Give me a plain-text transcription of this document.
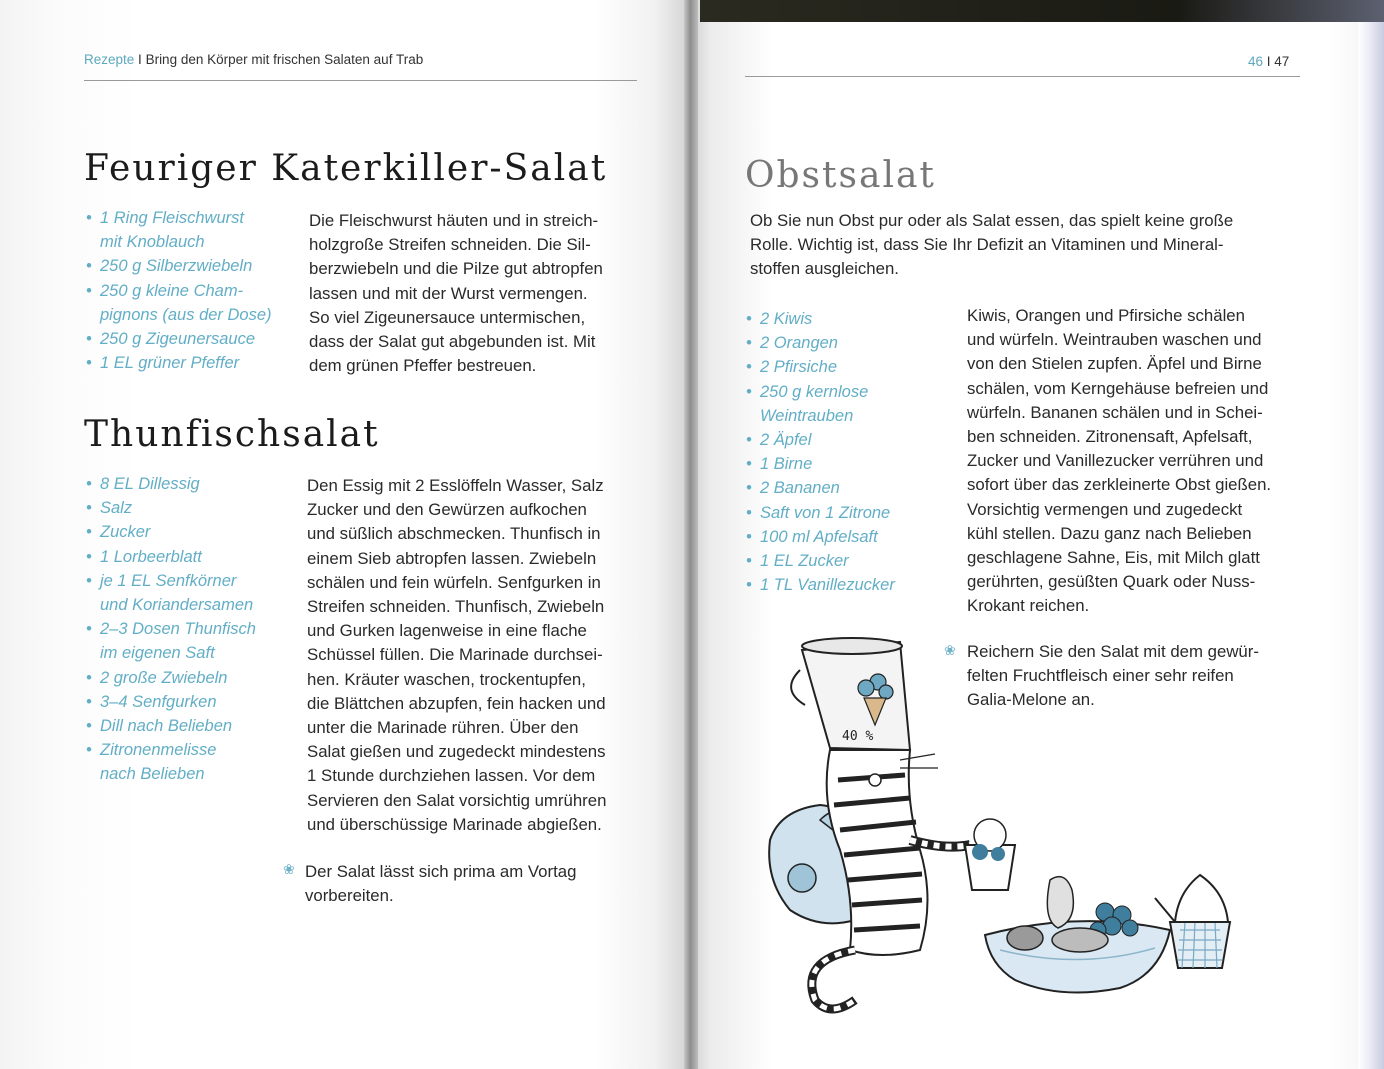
Rezepte I Bring den Körper mit frischen Salaten auf Trab	46 I 47
Feuriger Katerkiller-Salat
• 1 Ring Fleischwurst
mit Knoblauch
• 250 g Silberzwiebeln
• 250 g kleine Cham-
pignons (aus der Dose)
• 250 g Zigeunersauce
• 1 EL grüner Pfeffer

Die Fleischwurst häuten und in streich-
holzgroße Streifen schneiden. Die Sil-
berzwiebeln und die Pilze gut abtropfen
lassen und mit der Wurst vermengen.
So viel Zigeunersauce untermischen,
dass der Salat gut abgebunden ist. Mit
dem grünen Pfeffer bestreuen.

Thunfischsalat
• 8 EL Dillessig
• Salz
• Zucker
• 1 Lorbeerblatt
• je 1 EL Senfkörner
und Koriandersamen
• 2–3 Dosen Thunfisch
im eigenen Saft
• 2 große Zwiebeln
• 3–4 Senfgurken
• Dill nach Belieben
• Zitronenmelisse
nach Belieben

Den Essig mit 2 Esslöffeln Wasser, Salz
Zucker und den Gewürzen aufkochen
und süßlich abschmecken. Thunfisch in
einem Sieb abtropfen lassen. Zwiebeln
schälen und fein würfeln. Senfgurken in
Streifen schneiden. Thunfisch, Zwiebeln
und Gurken lagenweise in eine flache
Schüssel füllen. Die Marinade durchsei-
hen. Kräuter waschen, trockentupfen,
die Blättchen abzupfen, fein hacken und
unter die Marinade rühren. Über den
Salat gießen und zugedeckt mindestens
1 Stunde durchziehen lassen. Vor dem
Servieren den Salat vorsichtig umrühren
und überschüssige Marinade abgießen.

❀ Der Salat lässt sich prima am Vortag
vorbereiten.

Obstsalat

Ob Sie nun Obst pur oder als Salat essen, das spielt keine große
Rolle. Wichtig ist, dass Sie Ihr Defizit an Vitaminen und Mineral-
stoffen ausgleichen.

• 2 Kiwis
• 2 Orangen
• 2 Pfirsiche
• 250 g kernlose
Weintrauben
• 2 Äpfel
• 1 Birne
• 2 Bananen
• Saft von 1 Zitrone
• 100 ml Apfelsaft
• 1 EL Zucker
• 1 TL Vanillezucker

Kiwis, Orangen und Pfirsiche schälen
und würfeln. Weintrauben waschen und
von den Stielen zupfen. Äpfel und Birne
schälen, vom Kerngehäuse befreien und
würfeln. Bananen schälen und in Schei-
ben schneiden. Zitronensaft, Apfelsaft,
Zucker und Vanillezucker verrühren und
sofort über das zerkleinerte Obst gießen.
Vorsichtig vermengen und zugedeckt
kühl stellen. Dazu ganz nach Belieben
geschlagene Sahne, Eis, mit Milch glatt
gerührten, gesüßten Quark oder Nuss-
Krokant reichen.

❀ Reichern Sie den Salat mit dem gewür-
felten Fruchtfleisch einer sehr reifen
Galia-Melone an.

40 %
